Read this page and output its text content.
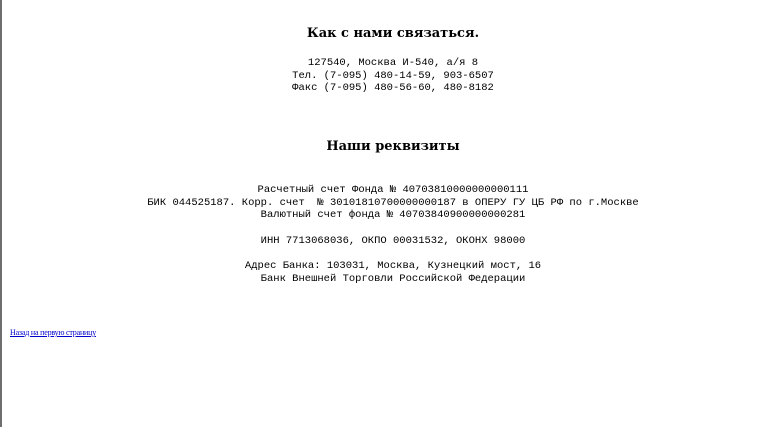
Как с нами связаться.

127540, Москва И-540, а/я 8

Тел. (7-095) 480-14-59, 903-6507

Факс (7-095) 480-56-60, 480-8182

Наши реквизиты

Расчетный счет Фонда № 40703810000000000111

БИК 044525187. Корр. счет  № 30101810700000000187 в ОПЕРУ ГУ ЦБ РФ по г.Москве

Валютный счет фонда № 40703840900000000281

ИНН 7713068036, ОКПО 00031532, ОКОНХ 98000

Адрес Банка: 103031, Москва, Кузнецкий мост, 16

Банк Внешней Торговли Российской Федерации

Назад на первую страницу
